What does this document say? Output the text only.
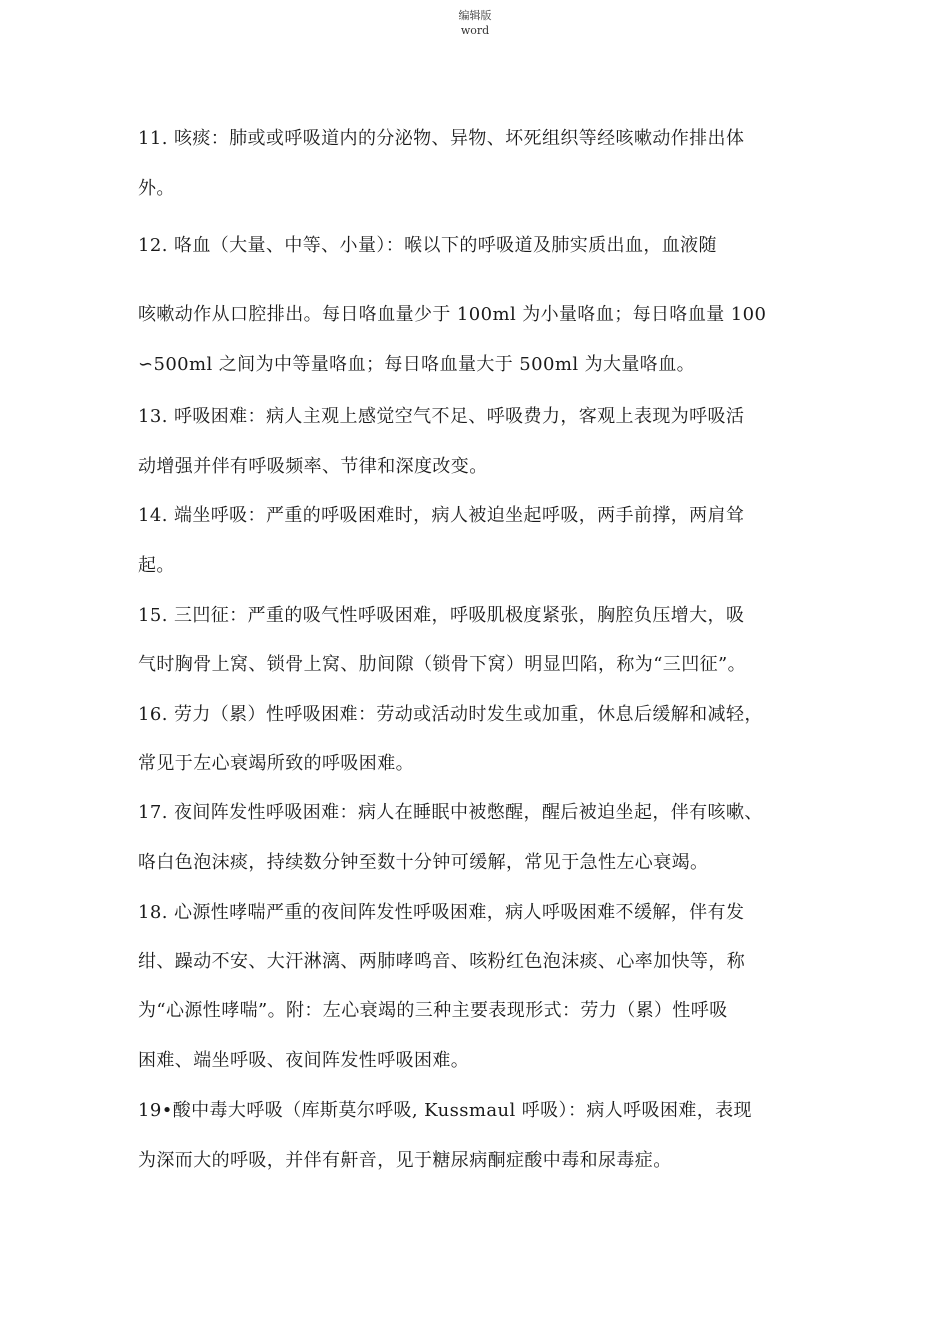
编辑版
word
11. 咳痰：肺或或呼吸道内的分泌物、异物、坏死组织等经咳嗽动作排出体
外。
12. 咯血（大量、中等、小量）：喉以下的呼吸道及肺实质出血，血液随
咳嗽动作从口腔排出。每日咯血量少于 100ml 为小量咯血；每日咯血量 100
∽500ml 之间为中等量咯血；每日咯血量大于 500ml 为大量咯血。
13. 呼吸困难：病人主观上感觉空气不足、呼吸费力，客观上表现为呼吸活
动增强并伴有呼吸频率、节律和深度改变。
14. 端坐呼吸：严重的呼吸困难时，病人被迫坐起呼吸，两手前撑，两肩耸
起。
15. 三凹征：严重的吸气性呼吸困难，呼吸肌极度紧张，胸腔负压增大，吸
气时胸骨上窝、锁骨上窝、肋间隙（锁骨下窝）明显凹陷，称为“三凹征”。
16. 劳力（累）性呼吸困难：劳动或活动时发生或加重，休息后缓解和减轻，
常见于左心衰竭所致的呼吸困难。
17. 夜间阵发性呼吸困难：病人在睡眠中被憋醒，醒后被迫坐起，伴有咳嗽、
咯白色泡沫痰，持续数分钟至数十分钟可缓解，常见于急性左心衰竭。
18. 心源性哮喘严重的夜间阵发性呼吸困难，病人呼吸困难不缓解，伴有发
绀、躁动不安、大汗淋漓、两肺哮鸣音、咳粉红色泡沫痰、心率加快等，称
为“心源性哮喘”。附：左心衰竭的三种主要表现形式：劳力（累）性呼吸
困难、端坐呼吸、夜间阵发性呼吸困难。
19•酸中毒大呼吸（库斯莫尔呼吸, Kussmaul 呼吸）：病人呼吸困难，表现
为深而大的呼吸，并伴有鼾音，见于糖尿病酮症酸中毒和尿毒症。
